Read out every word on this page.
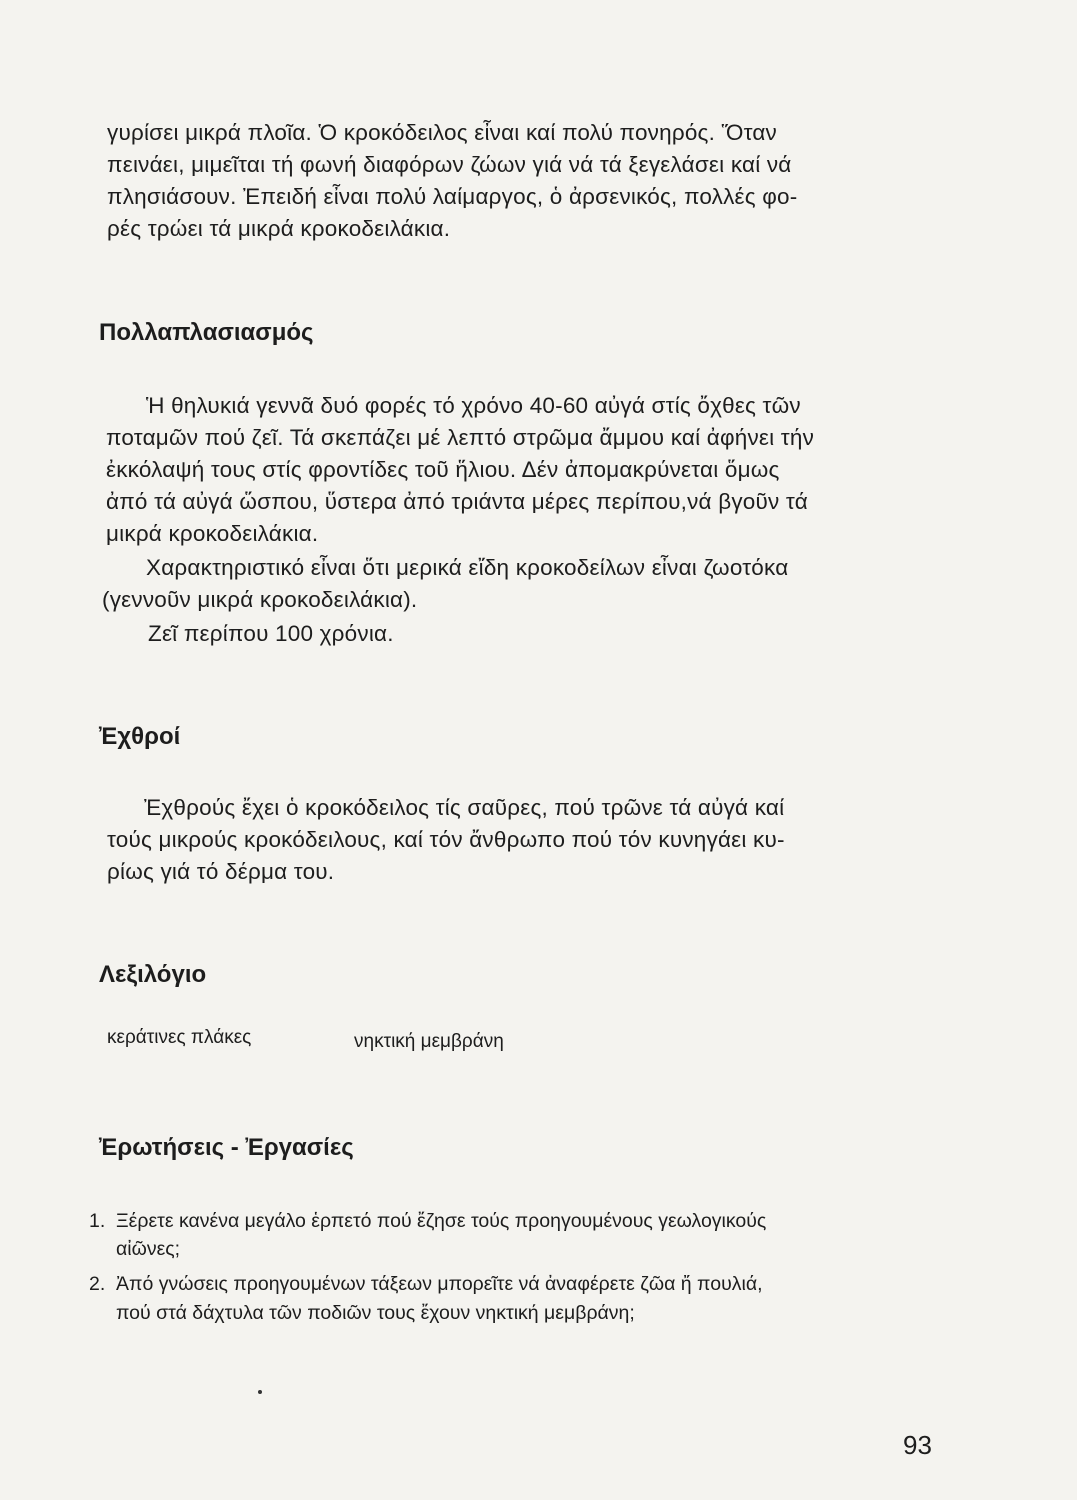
γυρίσει μικρά πλοῖα. Ὁ κροκόδειλος εἶναι καί πολύ πονηρός. Ὅταν
πεινάει, μιμεῖται τή φωνή διαφόρων ζώων γιά νά τά ξεγελάσει καί νά
πλησιάσουν. Ἐπειδή εἶναι πολύ λαίμαργος, ὁ ἀρσενικός, πολλές φο-
ρές τρώει τά μικρά κροκοδειλάκια.
Πολλαπλασιασμός
Ἡ θηλυκιά γεννᾶ δυό φορές τό χρόνο 40-60 αὐγά στίς ὄχθες τῶν
ποταμῶν πού ζεῖ. Τά σκεπάζει μέ λεπτό στρῶμα ἄμμου καί ἀφήνει τήν
ἐκκόλαψή τους στίς φροντίδες τοῦ ἥλιου. Δέν ἀπομακρύνεται ὅμως
ἀπό τά αὐγά ὥσπου, ὕστερα ἀπό τριάντα μέρες περίπου,νά βγοῦν τά
μικρά κροκοδειλάκια.
Χαρακτηριστικό εἶναι ὅτι μερικά εἴδη κροκοδείλων εἶναι ζωοτόκα
(γεννοῦν μικρά κροκοδειλάκια).
Ζεῖ περίπου 100 χρόνια.
Ἐχθροί
Ἐχθρούς ἔχει ὁ κροκόδειλος τίς σαῦρες, πού τρῶνε τά αὐγά καί
τούς μικρούς κροκόδειλους, καί τόν ἄνθρωπο πού τόν κυνηγάει κυ-
ρίως γιά τό δέρμα του.
Λεξιλόγιο
κεράτινες πλάκες	νηκτική μεμβράνη
Ἐρωτήσεις - Ἐργασίες
1. Ξέρετε κανένα μεγάλο ἑρπετό πού ἔζησε τούς προηγουμένους γεωλογικούς
αἰῶνες;
2. Ἀπό γνώσεις προηγουμένων τάξεων μπορεῖτε νά ἀναφέρετε ζῶα ἤ πουλιά,
πού στά δάχτυλα τῶν ποδιῶν τους ἔχουν νηκτική μεμβράνη;
93
